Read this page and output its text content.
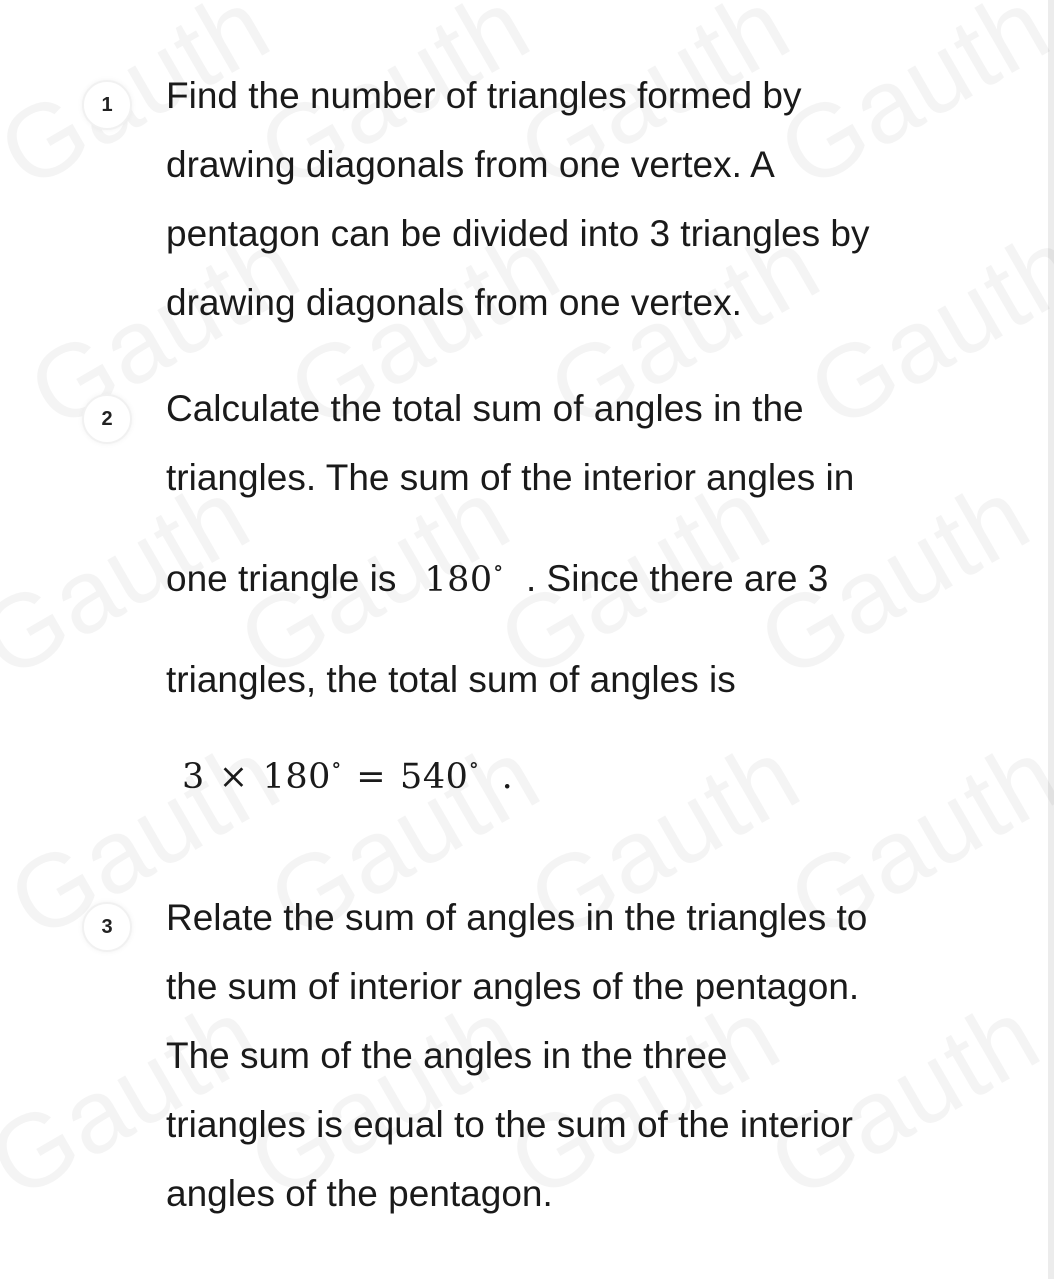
1	Find the number of triangles formed by
drawing diagonals from one vertex. A
pentagon can be divided into 3 triangles by
drawing diagonals from one vertex.
2	Calculate the total sum of angles in the
triangles. The sum of the interior angles in
one triangle is 180∘ . Since there are 3
triangles, the total sum of angles is
3 × 180∘ = 540∘ .
3	Relate the sum of angles in the triangles to
the sum of interior angles of the pentagon.
The sum of the angles in the three
triangles is equal to the sum of the interior
angles of the pentagon.
